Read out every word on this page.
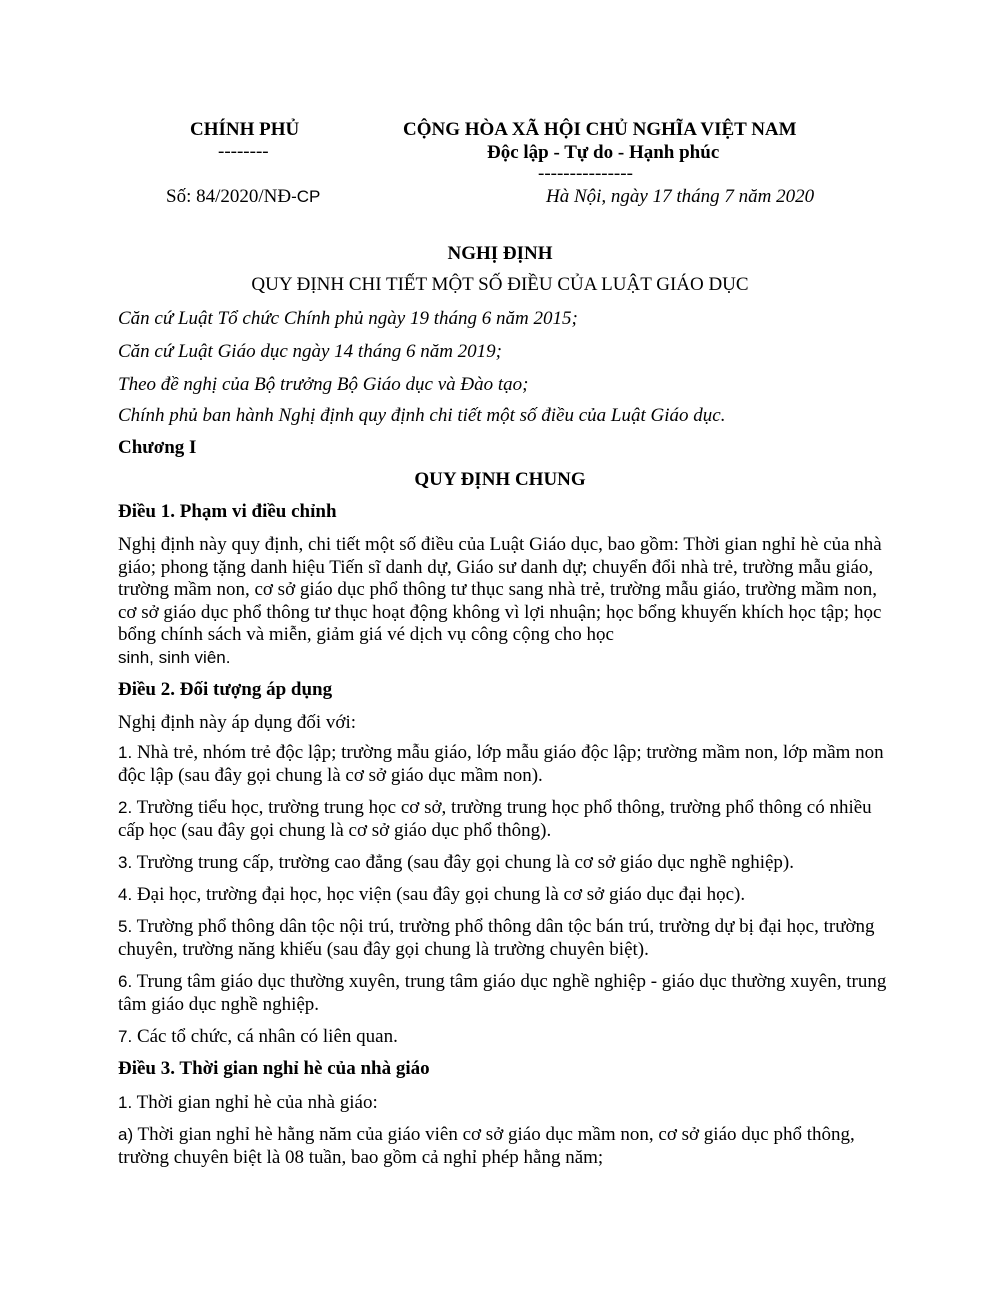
CHÍNH PHỦ
--------
Số: 84/2020/NĐ-CP
CỘNG HÒA XÃ HỘI CHỦ NGHĨA VIỆT NAM
Độc lập - Tự do - Hạnh phúc
---------------
Hà Nội, ngày 17 tháng 7 năm 2020
NGHỊ ĐỊNH
QUY ĐỊNH CHI TIẾT MỘT SỐ ĐIỀU CỦA LUẬT GIÁO DỤC
Căn cứ Luật Tổ chức Chính phủ ngày 19 tháng 6 năm 2015;
Căn cứ Luật Giáo dục ngày 14 tháng 6 năm 2019;
Theo đề nghị của Bộ trưởng Bộ Giáo dục và Đào tạo;
Chính phủ ban hành Nghị định quy định chi tiết một số điều của Luật Giáo dục.
Chương I
QUY ĐỊNH CHUNG
Điều 1. Phạm vi điều chỉnh
Nghị định này quy định, chi tiết một số điều của Luật Giáo dục, bao gồm: Thời gian nghỉ hè của nhà giáo; phong tặng danh hiệu Tiến sĩ danh dự, Giáo sư danh dự; chuyển đổi nhà trẻ, trường mẫu giáo, trường mầm non, cơ sở giáo dục phổ thông tư thục sang nhà trẻ, trường mẫu giáo, trường mầm non, cơ sở giáo dục phổ thông tư thục hoạt động không vì lợi nhuận; học bổng khuyến khích học tập; học bổng chính sách và miễn, giảm giá vé dịch vụ công cộng cho học
sinh, sinh viên.
Điều 2. Đối tượng áp dụng
Nghị định này áp dụng đối với:
1. Nhà trẻ, nhóm trẻ độc lập; trường mẫu giáo, lớp mẫu giáo độc lập; trường mầm non, lớp mầm non độc lập (sau đây gọi chung là cơ sở giáo dục mầm non).
2. Trường tiểu học, trường trung học cơ sở, trường trung học phổ thông, trường phổ thông có nhiều cấp học (sau đây gọi chung là cơ sở giáo dục phổ thông).
3. Trường trung cấp, trường cao đẳng (sau đây gọi chung là cơ sở giáo dục nghề nghiệp).
4. Đại học, trường đại học, học viện (sau đây gọi chung là cơ sở giáo dục đại học).
5. Trường phổ thông dân tộc nội trú, trường phổ thông dân tộc bán trú, trường dự bị đại học, trường chuyên, trường năng khiếu (sau đây gọi chung là trường chuyên biệt).
6. Trung tâm giáo dục thường xuyên, trung tâm giáo dục nghề nghiệp - giáo dục thường xuyên, trung tâm giáo dục nghề nghiệp.
7. Các tổ chức, cá nhân có liên quan.
Điều 3. Thời gian nghỉ hè của nhà giáo
1. Thời gian nghỉ hè của nhà giáo:
a) Thời gian nghỉ hè hằng năm của giáo viên cơ sở giáo dục mầm non, cơ sở giáo dục phổ thông, trường chuyên biệt là 08 tuần, bao gồm cả nghỉ phép hằng năm;
